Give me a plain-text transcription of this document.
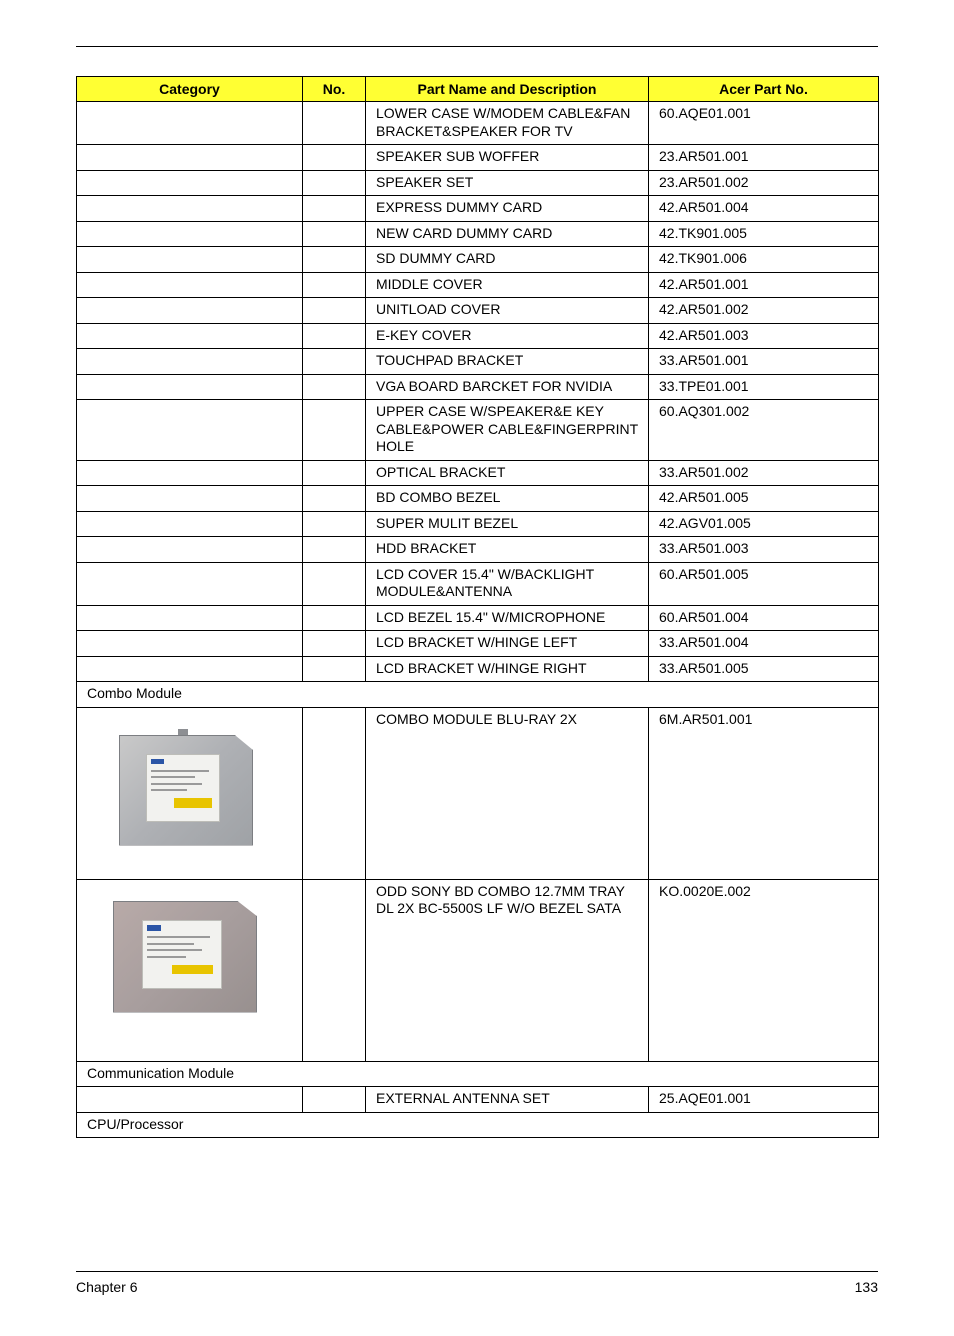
Category	No.	Part Name and Description	Acer Part No.
		LOWER CASE W/MODEM CABLE&FAN BRACKET&SPEAKER FOR TV	60.AQE01.001
		SPEAKER SUB WOFFER	23.AR501.001
		SPEAKER SET	23.AR501.002
		EXPRESS DUMMY CARD	42.AR501.004
		NEW CARD DUMMY CARD	42.TK901.005
		SD DUMMY CARD	42.TK901.006
		MIDDLE COVER	42.AR501.001
		UNITLOAD COVER	42.AR501.002
		E-KEY COVER	42.AR501.003
		TOUCHPAD BRACKET	33.AR501.001
		VGA BOARD BARCKET FOR NVIDIA	33.TPE01.001
		UPPER CASE W/SPEAKER&E KEY CABLE&POWER CABLE&FINGERPRINT HOLE	60.AQ301.002
		OPTICAL BRACKET	33.AR501.002
		BD COMBO BEZEL	42.AR501.005
		SUPER MULIT BEZEL	42.AGV01.005
		HDD BRACKET	33.AR501.003
		LCD COVER 15.4" W/BACKLIGHT MODULE&ANTENNA	60.AR501.005
		LCD BEZEL 15.4" W/MICROPHONE	60.AR501.004
		LCD BRACKET W/HINGE LEFT	33.AR501.004
		LCD BRACKET W/HINGE RIGHT	33.AR501.005
Combo Module			

		COMBO MODULE BLU-RAY 2X	6M.AR501.001

		ODD SONY BD COMBO 12.7MM TRAY DL 2X BC-5500S LF W/O BEZEL SATA	KO.0020E.002
Communication Module			
		EXTERNAL ANTENNA SET	25.AQE01.001
CPU/Processor			
Chapter 6	133
